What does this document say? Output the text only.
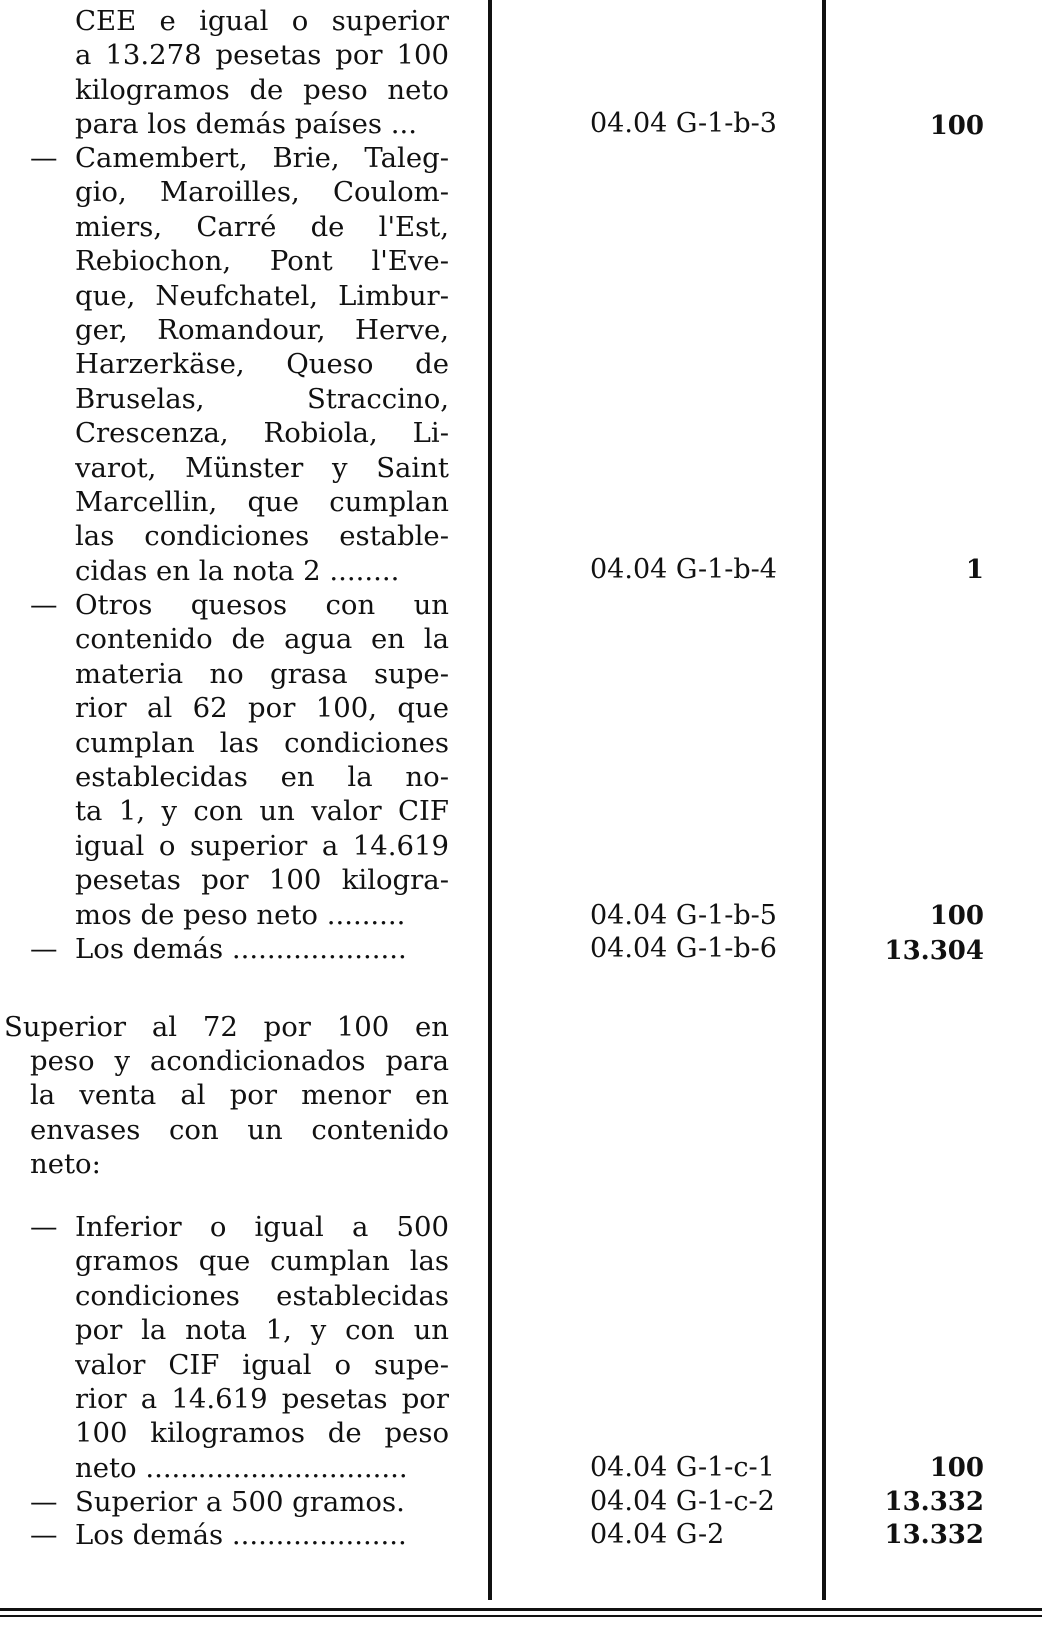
CEE e igual o superior
a 13.278 pesetas por 100
kilogramos de peso neto
para los demás países ...	04.04 G-1-b-3	100
— Camembert, Brie, Taleg-
gio, Maroilles, Coulom-
miers, Carré de l'Est,
Rebiochon, Pont l'Eve-
que, Neufchatel, Limbur-
ger, Romandour, Herve,
Harzerkäse, Queso de
Bruselas, Straccino,
Crescenza, Robiola, Li-
varot, Münster y Saint
Marcellin, que cumplan
las condiciones estable-
cidas en la nota 2 ........	04.04 G-1-b-4	1
— Otros quesos con un
contenido de agua en la
materia no grasa supe-
rior al 62 por 100, que
cumplan las condiciones
establecidas en la no-
ta 1, y con un valor CIF
igual o superior a 14.619
pesetas por 100 kilogra-
mos de peso neto .........	04.04 G-1-b-5	100
— Los demás ....................	04.04 G-1-b-6	13.304
Superior al 72 por 100 en
peso y acondicionados para
la venta al por menor en
envases con un contenido
neto:
— Inferior o igual a 500
gramos que cumplan las
condiciones establecidas
por la nota 1, y con un
valor CIF igual o supe-
rior a 14.619 pesetas por
100 kilogramos de peso
neto ..............................	04.04 G-1-c-1	100
— Superior a 500 gramos.	04.04 G-1-c-2	13.332
— Los demás ....................	04.04 G-2	13.332
